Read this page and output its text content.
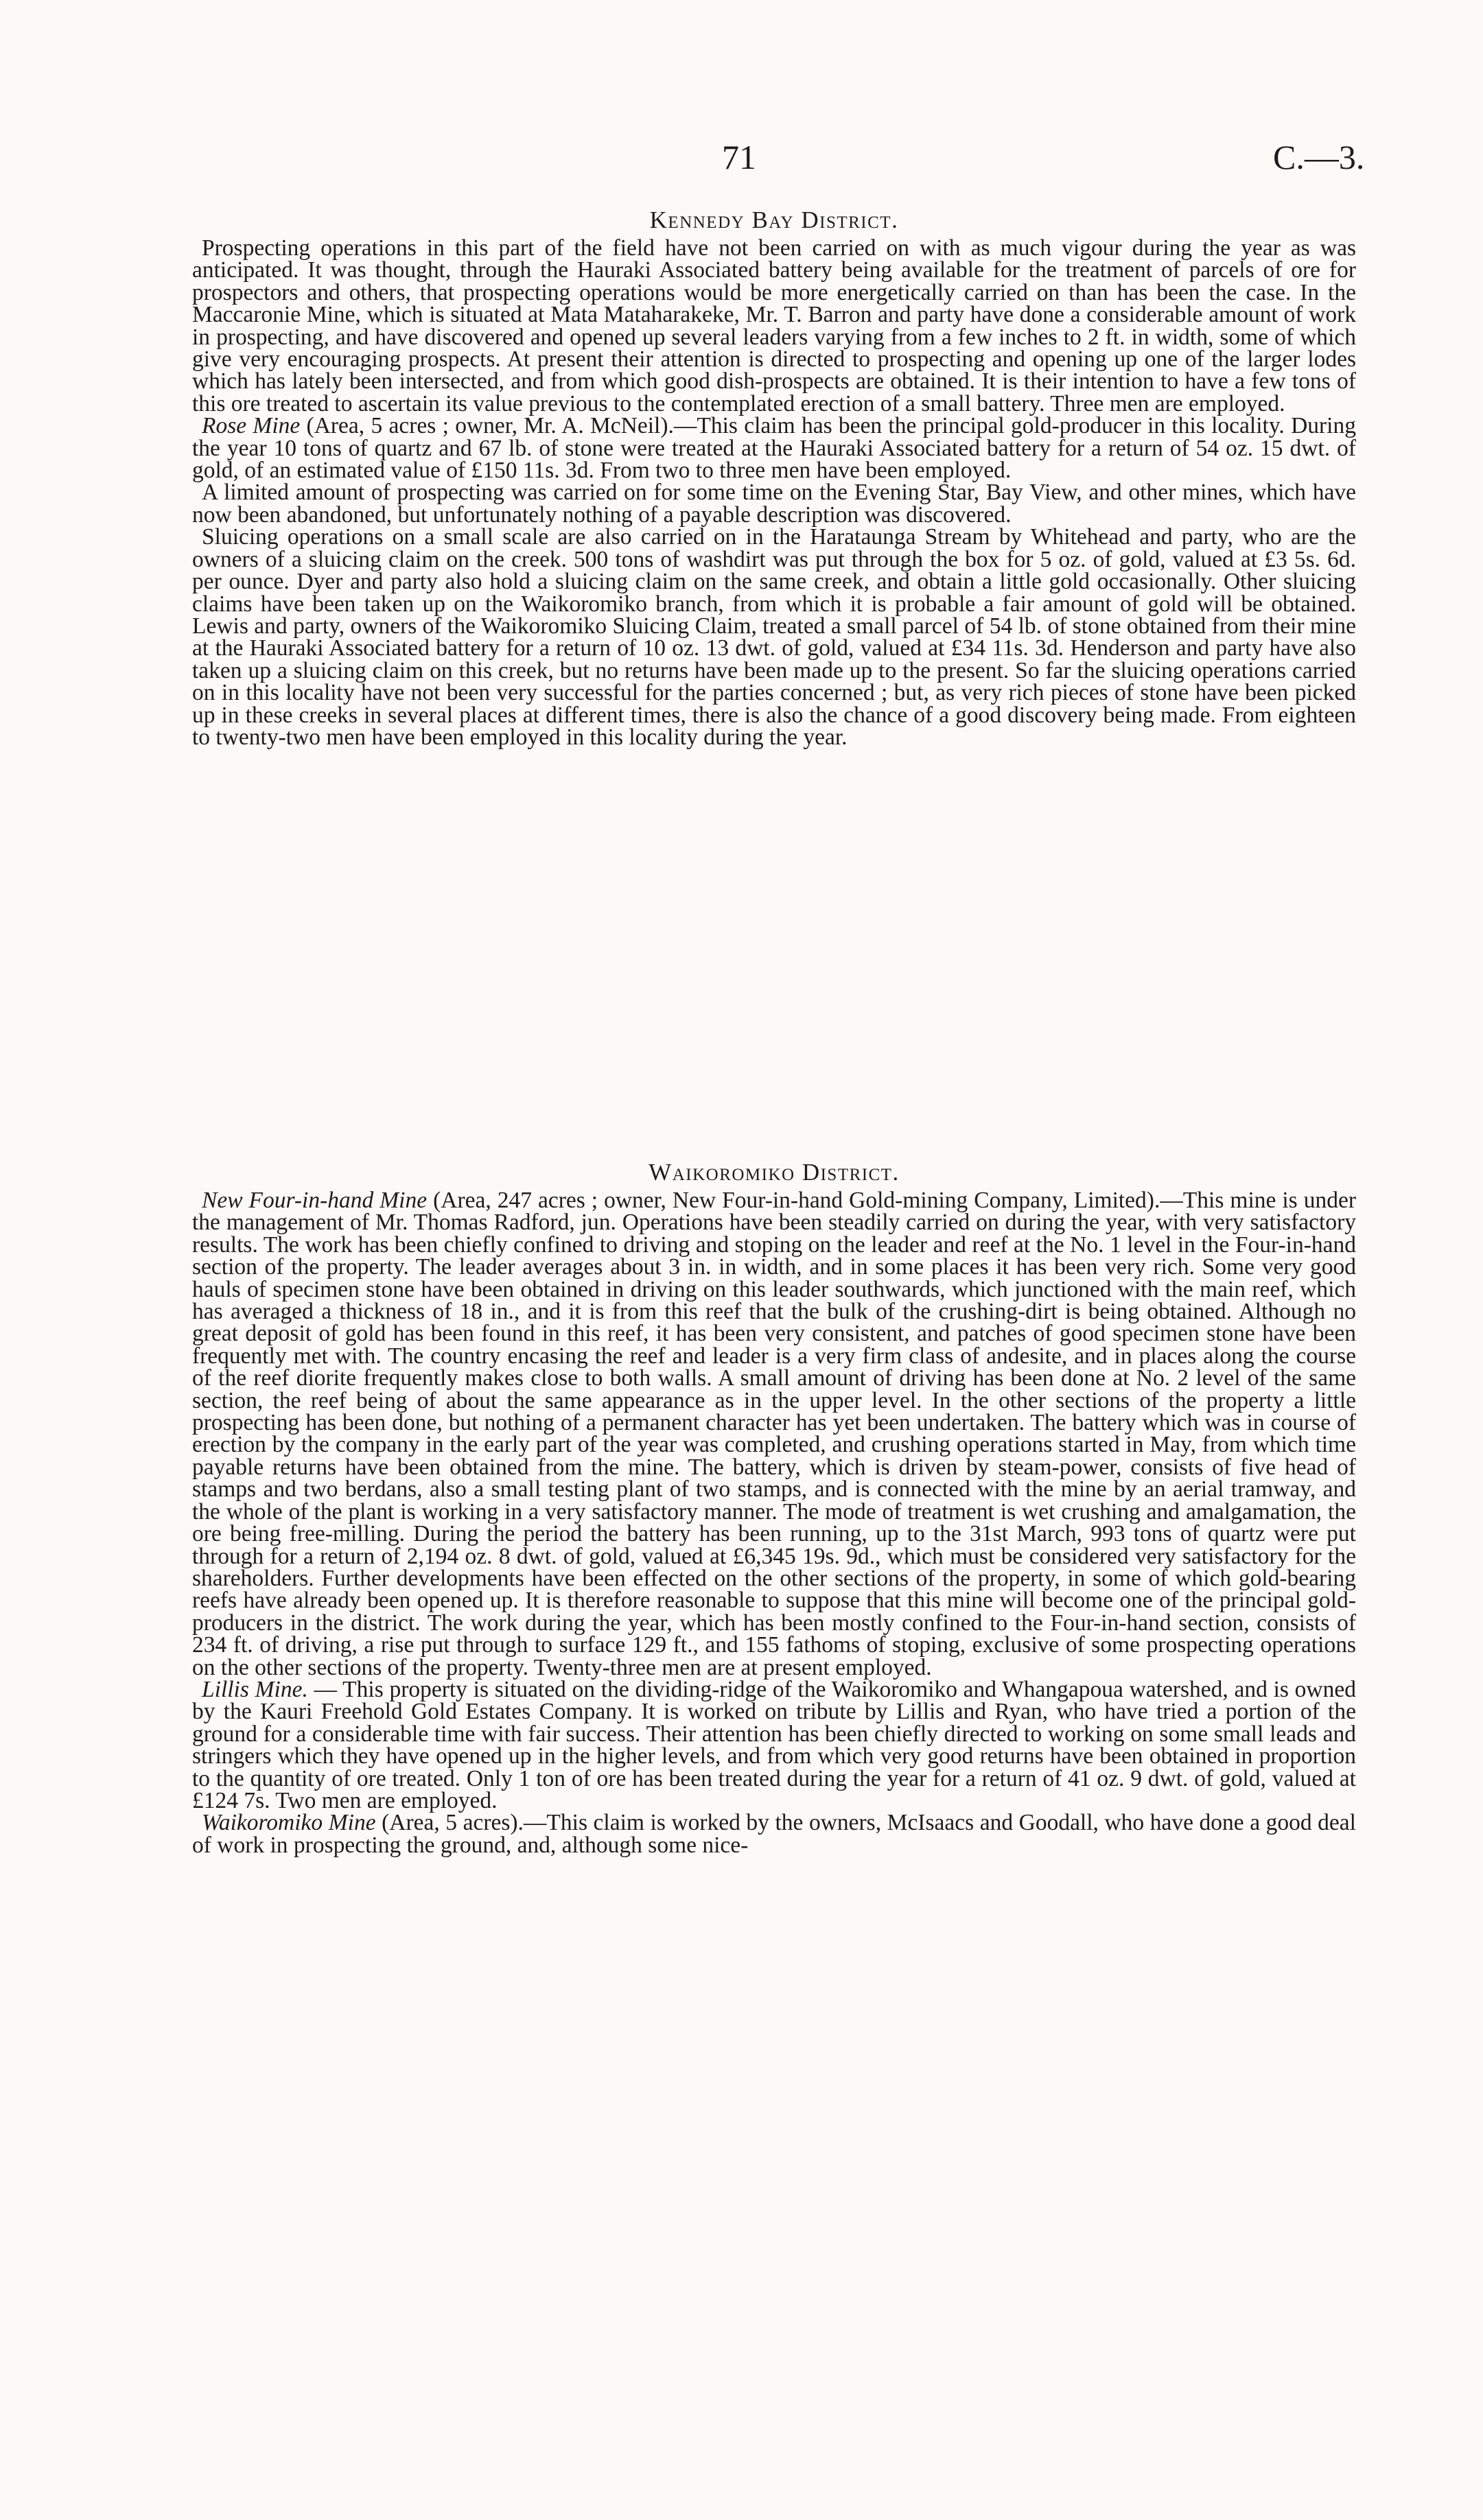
71	C.—3.
Kennedy Bay District.

Prospecting operations in this part of the field have not been carried on with as much vigour during the year as was anticipated. It was thought, through the Hauraki Associated battery being available for the treatment of parcels of ore for prospectors and others, that prospecting operations would be more energetically carried on than has been the case. In the Maccaronie Mine, which is situated at Mata Mataharakeke, Mr. T. Barron and party have done a considerable amount of work in prospecting, and have discovered and opened up several leaders varying from a few inches to 2 ft. in width, some of which give very encouraging prospects. At present their attention is directed to prospecting and opening up one of the larger lodes which has lately been intersected, and from which good dish-prospects are obtained. It is their intention to have a few tons of this ore treated to ascertain its value previous to the contemplated erection of a small battery. Three men are employed.

Rose Mine (Area, 5 acres ; owner, Mr. A. McNeil).—This claim has been the principal gold-producer in this locality. During the year 10 tons of quartz and 67 lb. of stone were treated at the Hauraki Associated battery for a return of 54 oz. 15 dwt. of gold, of an estimated value of £150 11s. 3d. From two to three men have been employed.

A limited amount of prospecting was carried on for some time on the Evening Star, Bay View, and other mines, which have now been abandoned, but unfortunately nothing of a payable description was discovered.

Sluicing operations on a small scale are also carried on in the Harataunga Stream by Whitehead and party, who are the owners of a sluicing claim on the creek. 500 tons of washdirt was put through the box for 5 oz. of gold, valued at £3 5s. 6d. per ounce. Dyer and party also hold a sluicing claim on the same creek, and obtain a little gold occasionally. Other sluicing claims have been taken up on the Waikoromiko branch, from which it is probable a fair amount of gold will be obtained. Lewis and party, owners of the Waikoromiko Sluicing Claim, treated a small parcel of 54 lb. of stone obtained from their mine at the Hauraki Associated battery for a return of 10 oz. 13 dwt. of gold, valued at £34 11s. 3d. Henderson and party have also taken up a sluicing claim on this creek, but no returns have been made up to the present. So far the sluicing operations carried on in this locality have not been very successful for the parties concerned ; but, as very rich pieces of stone have been picked up in these creeks in several places at different times, there is also the chance of a good discovery being made. From eighteen to twenty-two men have been employed in this locality during the year.

Waikoromiko District.

New Four-in-hand Mine (Area, 247 acres ; owner, New Four-in-hand Gold-mining Company, Limited).—This mine is under the management of Mr. Thomas Radford, jun. Operations have been steadily carried on during the year, with very satisfactory results. The work has been chiefly confined to driving and stoping on the leader and reef at the No. 1 level in the Four-in-hand section of the property. The leader averages about 3 in. in width, and in some places it has been very rich. Some very good hauls of specimen stone have been obtained in driving on this leader southwards, which junctioned with the main reef, which has averaged a thickness of 18 in., and it is from this reef that the bulk of the crushing-dirt is being obtained. Although no great deposit of gold has been found in this reef, it has been very consistent, and patches of good specimen stone have been frequently met with. The country encasing the reef and leader is a very firm class of andesite, and in places along the course of the reef diorite frequently makes close to both walls. A small amount of driving has been done at No. 2 level of the same section, the reef being of about the same appearance as in the upper level. In the other sections of the property a little prospecting has been done, but nothing of a permanent character has yet been undertaken. The battery which was in course of erection by the company in the early part of the year was completed, and crushing operations started in May, from which time payable returns have been obtained from the mine. The battery, which is driven by steam-power, consists of five head of stamps and two berdans, also a small testing plant of two stamps, and is connected with the mine by an aerial tramway, and the whole of the plant is working in a very satisfactory manner. The mode of treatment is wet crushing and amalgamation, the ore being free-milling. During the period the battery has been running, up to the 31st March, 993 tons of quartz were put through for a return of 2,194 oz. 8 dwt. of gold, valued at £6,345 19s. 9d., which must be considered very satisfactory for the shareholders. Further developments have been effected on the other sections of the property, in some of which gold-bearing reefs have already been opened up. It is therefore reasonable to suppose that this mine will become one of the principal gold-producers in the district. The work during the year, which has been mostly confined to the Four-in-hand section, consists of 234 ft. of driving, a rise put through to surface 129 ft., and 155 fathoms of stoping, exclusive of some prospecting operations on the other sections of the property. Twenty-three men are at present employed.

Lillis Mine. — This property is situated on the dividing-ridge of the Waikoromiko and Whangapoua watershed, and is owned by the Kauri Freehold Gold Estates Company. It is worked on tribute by Lillis and Ryan, who have tried a portion of the ground for a considerable time with fair success. Their attention has been chiefly directed to working on some small leads and stringers which they have opened up in the higher levels, and from which very good returns have been obtained in proportion to the quantity of ore treated. Only 1 ton of ore has been treated during the year for a return of 41 oz. 9 dwt. of gold, valued at £124 7s. Two men are employed.

Waikoromiko Mine (Area, 5 acres).—This claim is worked by the owners, McIsaacs and Goodall, who have done a good deal of work in prospecting the ground, and, although some nice-
